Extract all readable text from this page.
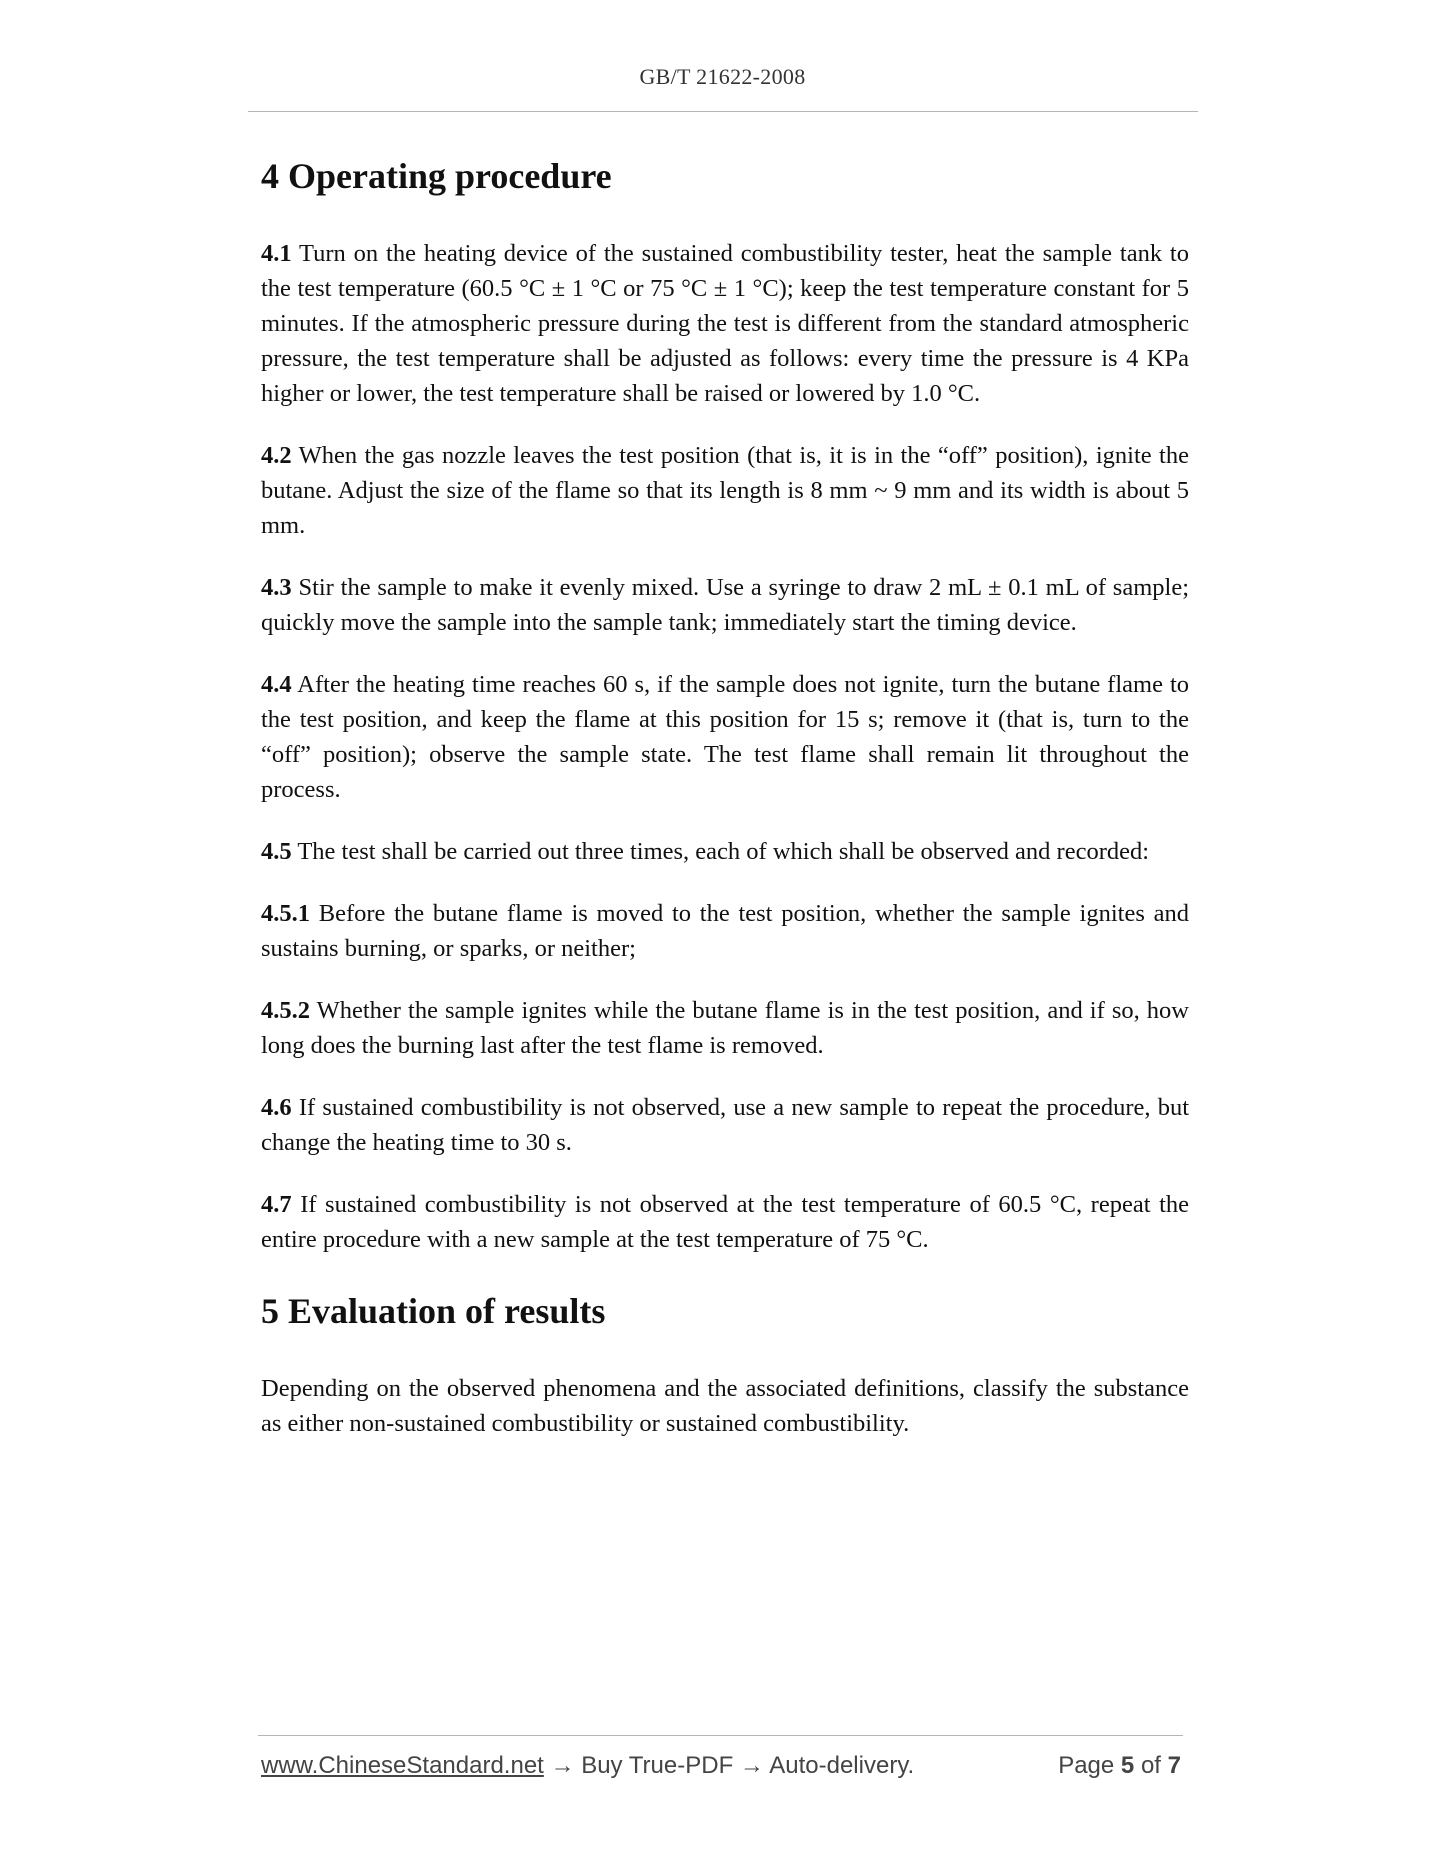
GB/T 21622-2008
4 Operating procedure

4.1 Turn on the heating device of the sustained combustibility tester, heat the sample tank to the test temperature (60.5 °C ± 1 °C or 75 °C ± 1 °C); keep the test temperature constant for 5 minutes. If the atmospheric pressure during the test is different from the standard atmospheric pressure, the test temperature shall be adjusted as follows: every time the pressure is 4 KPa higher or lower, the test temperature shall be raised or lowered by 1.0 °C.

4.2 When the gas nozzle leaves the test position (that is, it is in the “off” position), ignite the butane. Adjust the size of the flame so that its length is 8 mm ~ 9 mm and its width is about 5 mm.

4.3 Stir the sample to make it evenly mixed. Use a syringe to draw 2 mL ± 0.1 mL of sample; quickly move the sample into the sample tank; immediately start the timing device.

4.4 After the heating time reaches 60 s, if the sample does not ignite, turn the butane flame to the test position, and keep the flame at this position for 15 s; remove it (that is, turn to the “off” position); observe the sample state. The test flame shall remain lit throughout the process.

4.5 The test shall be carried out three times, each of which shall be observed and recorded:

4.5.1 Before the butane flame is moved to the test position, whether the sample ignites and sustains burning, or sparks, or neither;

4.5.2 Whether the sample ignites while the butane flame is in the test position, and if so, how long does the burning last after the test flame is removed.

4.6 If sustained combustibility is not observed, use a new sample to repeat the procedure, but change the heating time to 30 s.

4.7 If sustained combustibility is not observed at the test temperature of 60.5 °C, repeat the entire procedure with a new sample at the test temperature of 75 °C.

5 Evaluation of results

Depending on the observed phenomena and the associated definitions, classify the substance as either non-sustained combustibility or sustained combustibility.

www.ChineseStandard.net → Buy True-PDF → Auto-delivery.	Page 5 of 7
